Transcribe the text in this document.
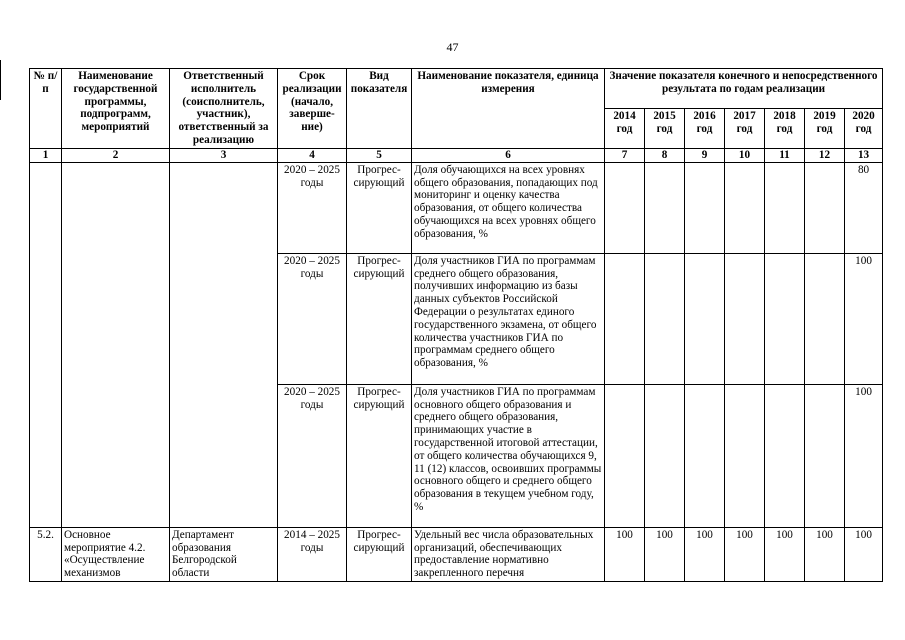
47
№ п/п	Наименование государственной программы, подпрограмм, мероприятий	Ответственный исполнитель (соисполнитель, участник), ответственный за реализацию	Срок реализации (начало, заверше-ние)	Вид показателя	Наименование показателя, единица измерения	Значение показателя конечного и непосредственного результата по годам реализации						
						2014 год	2015 год	2016 год	2017 год	2018 год	2019 год	2020 год
1	2	3	4	5	6	7	8	9	10	11	12	13
			2020 – 2025 годы	Прогрес-сирующий	Доля обучающихся на всех уровнях общего образования, попадающих под мониторинг и оценку качества образования, от общего количества обучающихся на всех уровнях общего образования, %							80
			2020 – 2025 годы	Прогрес-сирующий	Доля участников ГИА по программам среднего общего образования, получивших информацию из базы данных субъектов Российской Федерации о результатах единого государственного экзамена, от общего количества участников ГИА по программам среднего общего образования, %							100
			2020 – 2025 годы	Прогрес-сирующий	Доля участников ГИА по программам основного общего образования и среднего общего образования, принимающих участие в государственной итоговой аттестации, от общего количества обучающихся 9, 11 (12) классов, освоивших программы основного общего и среднего общего образования в текущем учебном году, %							100
5.2.	Основное мероприятие 4.2. «Осуществление механизмов	Департамент образования Белгородской области	2014 – 2025 годы	Прогрес-сирующий	Удельный вес числа образовательных организаций, обеспечивающих предоставление нормативно закрепленного перечня	100	100	100	100	100	100	100
